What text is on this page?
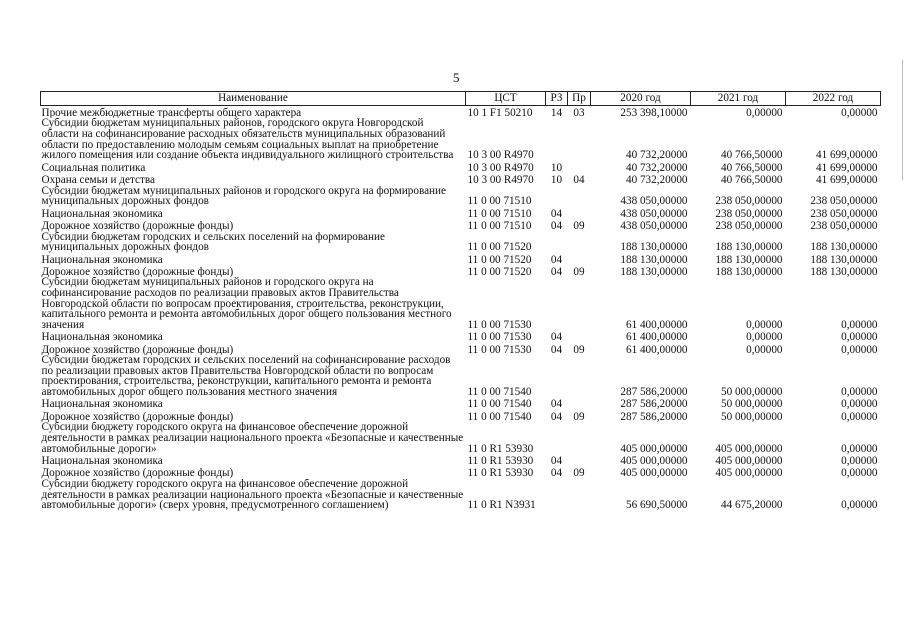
5
Наименование	ЦСТ	РЗ	Пр	2020 год	2021 год	2022 год
Прочие межбюджетные трансферты общего характера	10 1 F1 50210	14	03	253 398,10000	0,00000	0,00000
Субсидии бюджетам муниципальных районов, городского округа Новгородской области на софинансирование расходных обязательств муниципальных образований области по предоставлению молодым семьям социальных выплат на приобретение жилого помещения или создание объекта индивидуального жилищного строительства	10 3 00 R4970			40 732,20000	40 766,50000	41 699,00000
Социальная политика	10 3 00 R4970	10		40 732,20000	40 766,50000	41 699,00000
Охрана семьи и детства	10 3 00 R4970	10	04	40 732,20000	40 766,50000	41 699,00000
Субсидии бюджетам муниципальных районов и городского округа на формирование муниципальных дорожных фондов	11 0 00 71510			438 050,00000	238 050,00000	238 050,00000
Национальная экономика	11 0 00 71510	04		438 050,00000	238 050,00000	238 050,00000
Дорожное хозяйство (дорожные фонды)	11 0 00 71510	04	09	438 050,00000	238 050,00000	238 050,00000
Субсидии бюджетам городских и сельских поселений на формирование муниципальных дорожных фондов	11 0 00 71520			188 130,00000	188 130,00000	188 130,00000
Национальная экономика	11 0 00 71520	04		188 130,00000	188 130,00000	188 130,00000
Дорожное хозяйство (дорожные фонды)	11 0 00 71520	04	09	188 130,00000	188 130,00000	188 130,00000
Субсидии бюджетам муниципальных районов и городского округа на софинансирование расходов по реализации правовых актов Правительства Новгородской области по вопросам проектирования, строительства, реконструкции, капитального ремонта и ремонта автомобильных дорог общего пользования местного значения	11 0 00 71530			61 400,00000	0,00000	0,00000
Национальная экономика	11 0 00 71530	04		61 400,00000	0,00000	0,00000
Дорожное хозяйство (дорожные фонды)	11 0 00 71530	04	09	61 400,00000	0,00000	0,00000
Субсидии бюджетам городских и сельских поселений на софинансирование расходов по реализации правовых актов Правительства Новгородской области по вопросам проектирования, строительства, реконструкции, капитального ремонта и ремонта автомобильных дорог общего пользования местного значения	11 0 00 71540			287 586,20000	50 000,00000	0,00000
Национальная экономика	11 0 00 71540	04		287 586,20000	50 000,00000	0,00000
Дорожное хозяйство (дорожные фонды)	11 0 00 71540	04	09	287 586,20000	50 000,00000	0,00000
Субсидии бюджету городского округа на финансовое обеспечение дорожной деятельности в рамках реализации национального проекта «Безопасные и качественные автомобильные дороги»	11 0 R1 53930			405 000,00000	405 000,00000	0,00000
Национальная экономика	11 0 R1 53930	04		405 000,00000	405 000,00000	0,00000
Дорожное хозяйство (дорожные фонды)	11 0 R1 53930	04	09	405 000,00000	405 000,00000	0,00000
Субсидии бюджету городского округа на финансовое обеспечение дорожной деятельности в рамках реализации национального проекта «Безопасные и качественные автомобильные дороги» (сверх уровня, предусмотренного соглашением)	11 0 R1 N3931			56 690,50000	44 675,20000	0,00000
